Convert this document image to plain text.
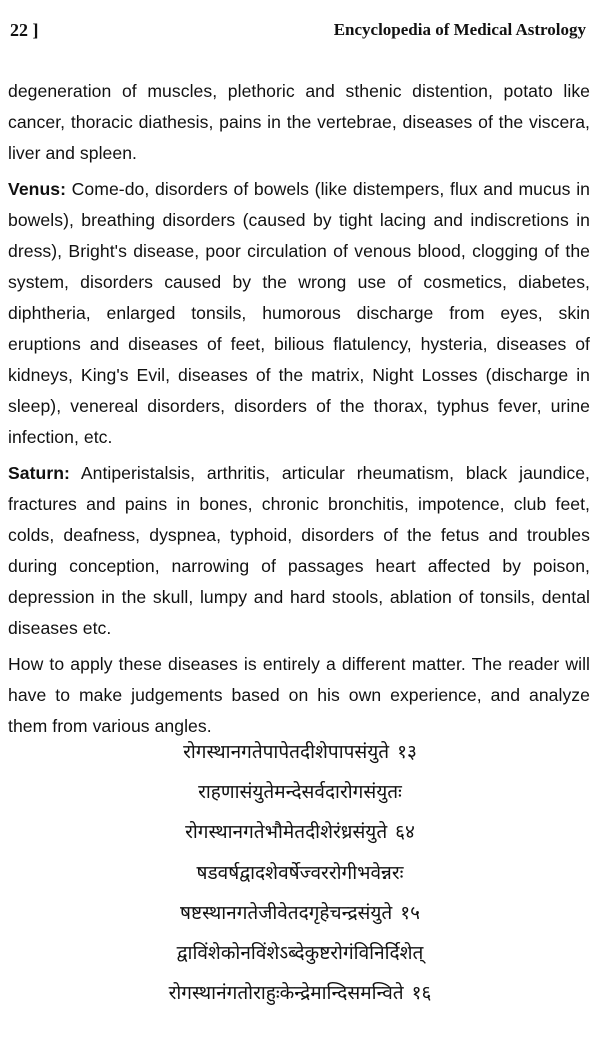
22 ]	Encyclopedia of Medical Astrology

degeneration of muscles, plethoric and sthenic distention, potato like cancer, thoracic diathesis, pains in the vertebrae, diseases of the viscera, liver and spleen.

Venus: Come-do, disorders of bowels (like distempers, flux and mucus in bowels), breathing disorders (caused by tight lacing and indiscretions in dress), Bright's disease, poor circulation of venous blood, clogging of the system, disorders caused by the wrong use of cosmetics, diabetes, diphtheria, enlarged tonsils, humorous discharge from eyes, skin eruptions and diseases of feet, bilious flatulency, hysteria, diseases of kidneys, King's Evil, diseases of the matrix, Night Losses (discharge in sleep), venereal disorders, disorders of the thorax, typhus fever, urine infection, etc.

Saturn: Antiperistalsis, arthritis, articular rheumatism, black jaundice, fractures and pains in bones, chronic bronchitis, impotence, club feet, colds, deafness, dyspnea, typhoid, disorders of the fetus and troubles during conception, narrowing of passages heart affected by poison, depression in the skull, lumpy and hard stools, ablation of tonsils, dental diseases etc.

How to apply these diseases is entirely a different matter. The reader will have to make judgements based on his own experience, and analyze them from various angles.

रोगस्थानगतेपापेतदीशेपापसंयुते १३
राहणासंयुतेमन्देसर्वदारोगसंयुतः
रोगस्थानगतेभौमेतदीशेरंध्रसंयुते ६४
षडवर्षद्वादशेवर्षेज्वररोगीभवेन्नरः
षष्टस्थानगतेजीवेतदगृहेचन्द्रसंयुते १५
द्वाविंशेकोनविंशेऽब्देकुष्टरोगंविनिर्दिशेत्
रोगस्थानंगतोराहुःकेन्द्रेमान्दिसमन्विते १६
